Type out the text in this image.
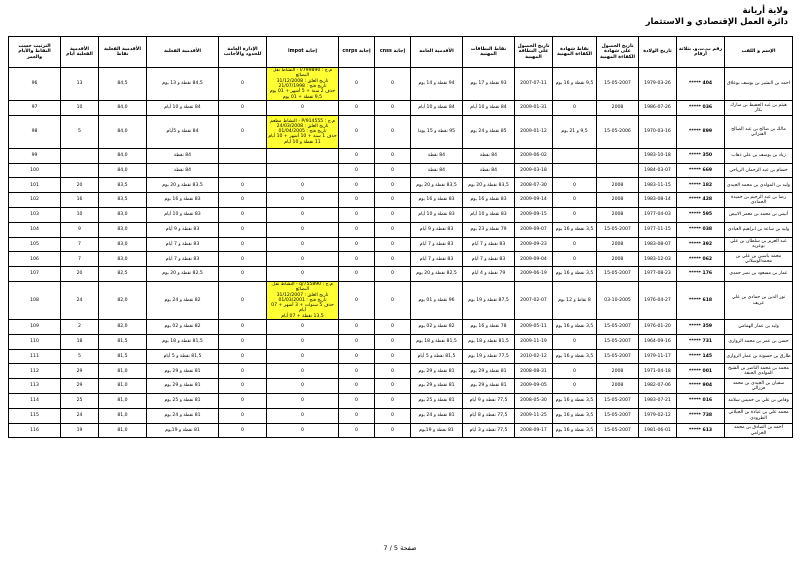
ولاية أريانة
دائرة العمل الإقتصادي و الاستثمار
الإسم و اللقب	رقم ب.ت.و. بثلاثة أرقام	تاريخ الولادة	تاريخ الحصول على شهادة الكفاءة المهنية	نقاط شهادة الكفاءة المهنية	تاريخ الحصول على البطاقة المهنية	نقاط البطاقات المهنية	الأقدمية العامة	إجابة cnss	إجابة cnrps	إجابة impot	الإدارة العامة للحدود والأجانب	الأقدمية الفعلية	الأقدمية الفعلية نقاط	الأقدمية الفعلية أيام	الترتيب حسب النقاط والأيام والعمر
احمد بن البشير بن يوسف بوعلاق	404 *****	1979-03-26	15-05-2007	9,5 نقطة و 16 يوم	2007-07-11	93 نقطة و 17 يوم	94 نقطة و 14 يوم	0	0	م.ج : I/799890 - النشاط نقل البضائع
تاريخ الغلق : 31/12/2008
تاريخ فتح : 21/07/1998
حذف 2 سنة + 5 أشهر + 01 يوم
9,5 نقطة + 01 يوم	0	84,5 نقطة و 13 يوم	84,5	13	96
هيثم بن عبد الحفيظ بن مبارك بكار	036 *****	1986-07-26	2008	0	2009-01-31	84 نقطة و 10 أيام	84 نقطة و 10 أيام	0	0	0	0	84 نقطة و 10 أيام	84,0	10	97
مالك بن صالح بن عبد الصالح القنزاني	899 *****	1970-03-16	15-05-2006	9,5 و 21 يوم	2009-01-12	85 نقطة و 24 يوم	95 نقطة و 15 يوما	0	0	م.ج : P/914555 - النشاط مطعم
تاريخ الغلق : 24/03/2008
تاريخ فتح : 01/04/2005
حذف 1 سنة + 10 أشهر + 10 أيام
11 نقطة و 10 أيام	0	84 نقطة و 5أيام	84,0	5	98
زياد بن يوسف بن علي ذهاب	350 *****	1983-10-18			2009-06-02	84 نقطة	84 نقطة	0	0			84 نقطة	84,0		99
حسام بن عبد الرحمان الرياحي	669 *****	1984-03-07			2009-03-18	84 نقطة	84 نقطة	0	0			84 نقطة	84,0		100
وليد بن المولدي بن محمد الجيدي	182 *****	1983-11-15	2008	0	2008-07-30	83,5 نقطة و 20 يوم	83,5 نقطة و 20 يوم	0	0	0	0	83,5 نقطة و 20 يوم	83,5	20	101
رضا بن عبد الرحيم بن حميدة الحمادي	428 *****	1983-08-14	2008	0	2009-09-14	83 نقطة و 16 يوم	83 نقطة و 16 يوم	0	0	0	0	83 نقطة و 16 يوم	83,5	16	102
أنيس بن محمد بن معمر الابيض	595 *****	1977-04-03	2008	0	2009-09-15	83 نقطة و 10 أيام	83 نقطة و 10 أيام	0	0	0	0	83 نقطة و 10 أيام	83,0	10	103
وليد بن ساعد بن ابراهيم العيادي	038 *****	1977-11-15	15-05-2007	3,5 نقطة و 16 يوم	2009-09-07	79 نقطة و 23 يوم	83 نقطة و 9 أيام	0	0	0	0	83 نقطة و 9 أيام	83,0	9	104
عبد العزيز بن سلطان بن علي بوعزيه	392 *****	1983-08-07	2008	0	2009-09-23	83 نقطة و 7 أيام	83 نقطة و 7 أيام	0	0	0	0	83 نقطة و 7 أيام	83,0	7	105
محمد ياسين بن علي بن محمدالوسلاتي	062 *****	1983-12-03	2008	0	2009-09-04	83 نقطة و 7 أيام	83 نقطة و 7 أيام	0	0	0	0	83 نقطة و 7 أيام	83,0	7	106
عمار بن مسعود بن نصر حمدي	176 *****	1977-08-23	15-05-2007	3,5 نقطة و 16 يوم	2009-06-19	79 نقطة و 4 أيام	82,5 نقطة و 20 يوم	0	0	0	0	82,5 نقطة و 20 يوم	82,5	20	107
نور الدين بن حمادي بن علي عريف	618 *****	1976-04-27	03-10-2005	8 نقاط و 12 يوم	2007-02-07	87,5 نقطة و 19 يوم	96 نقطة و 01 يوم	0	0	م.ج : q/755890 - النشاط نقل البضائع
تاريخ الغلق : 31/12/2007
تاريخ فتح : 01/03/2001
حذف 5 سنوات + 3 أشهر + 07 أيام
13,5 نقطة + 07 أيام	0	82 نقطة و 24 يوم	82,0	24	108
وليد بن عمار الهمامي	359 *****	1976-01-20	15-05-2007	3,5 نقطة و 16 يوم	2009-05-11	78 نقطة و 16 يوم	82 نقطة و 02 يوم	0	0	0	0	82 نقطة و 02 يوم	82,0	2	109
حسن بن عمر بن محمد الزواري	731 *****	1964-09-16	15-05-2007	0	2009-11-19	81,5 نقطة و 18 يوم	81,5 نقطة و 18 يوم	0	0	0	0	81,5 نقطة و 18 يوم	81,5	18	110
طارق بن حسونة بن عمار الزواري	145 *****	1979-11-17	15-05-2007	3,5 نقطة و 16 يوم	2010-02-12	77,5 نقطة و 19 يوم	81,5 نقطة و 5 أيام	0	0	0	0	81,5 نقطة و 5 أيام	81,5	5	111
محمد بن محمد الناصر بن الشيخ المولدي الحبقة	001 *****	1971-04-18	2008	0	2008-08-31	81 نقطة و 29 يوم	81 نقطة و 29 يوم	0	0	0	0	81 نقطة و 29 يوم	81,0	29	112
سفيان بن الجيدي بن محمد فرزالي	904 *****	1982-07-06	2008	0	2009-09-05	81 نقطة و 29 يوم	81 نقطة و 29 يوم	0	0	0	0	81 نقطة و 29 يوم	81,0	29	113
وقاص بن علي بن خميس سلامة	016 *****	1983-07-21	15-05-2007	3,5 نقطة و 16 يوم	2008-05-30	77,5 نقطة و 9 أيام	81 نقطة و 25 يوم	0	0	0	0	81 نقطة و 25 يوم	81,0	25	114
محمد علي بن عيادة بن الجيلاني الطرودي	738 *****	1979-02-12	15-05-2007	3,5 نقطة و 16 يوم	2009-11-25	77,5 نقطة و 8 أيام	81 نقطة و 24 يوم	0	0	0	0	81 نقطة و 24 يوم	81,0	24	115
أحمد بن الصادق بن محمد الخزامي	613 *****	1981-06-01	15-05-2007	3,5 نقطة و 16 يوم	2008-09-17	77,5 نقطة و 3 أيام	81 نقطة و 19يوم	0	0	0	0	81 نقطة و 19يوم	81,0	19	116
صفحة 5 / 7
